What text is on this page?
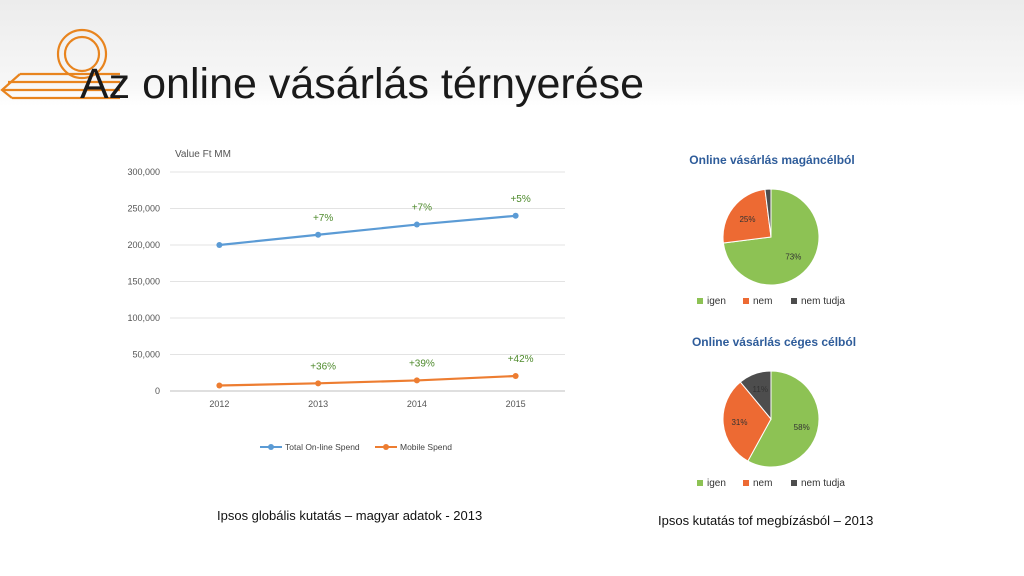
Az online vásárlás térnyerése
Value Ft MM
0
50,000
100,000
150,000
200,000
250,000
300,000
2012	2013	2014	2015
+7%
+7%
+5%
+36%	+39%	+42%
Total On-line Spend	Mobile Spend
Online vásárlás magáncélból
73%
25%
igen	nem	nem tudja
Online vásárlás céges célból
58%
31%
11%
igen	nem	nem tudja
Ipsos globális kutatás – magyar adatok - 2013	Ipsos kutatás tof megbízásból – 2013
